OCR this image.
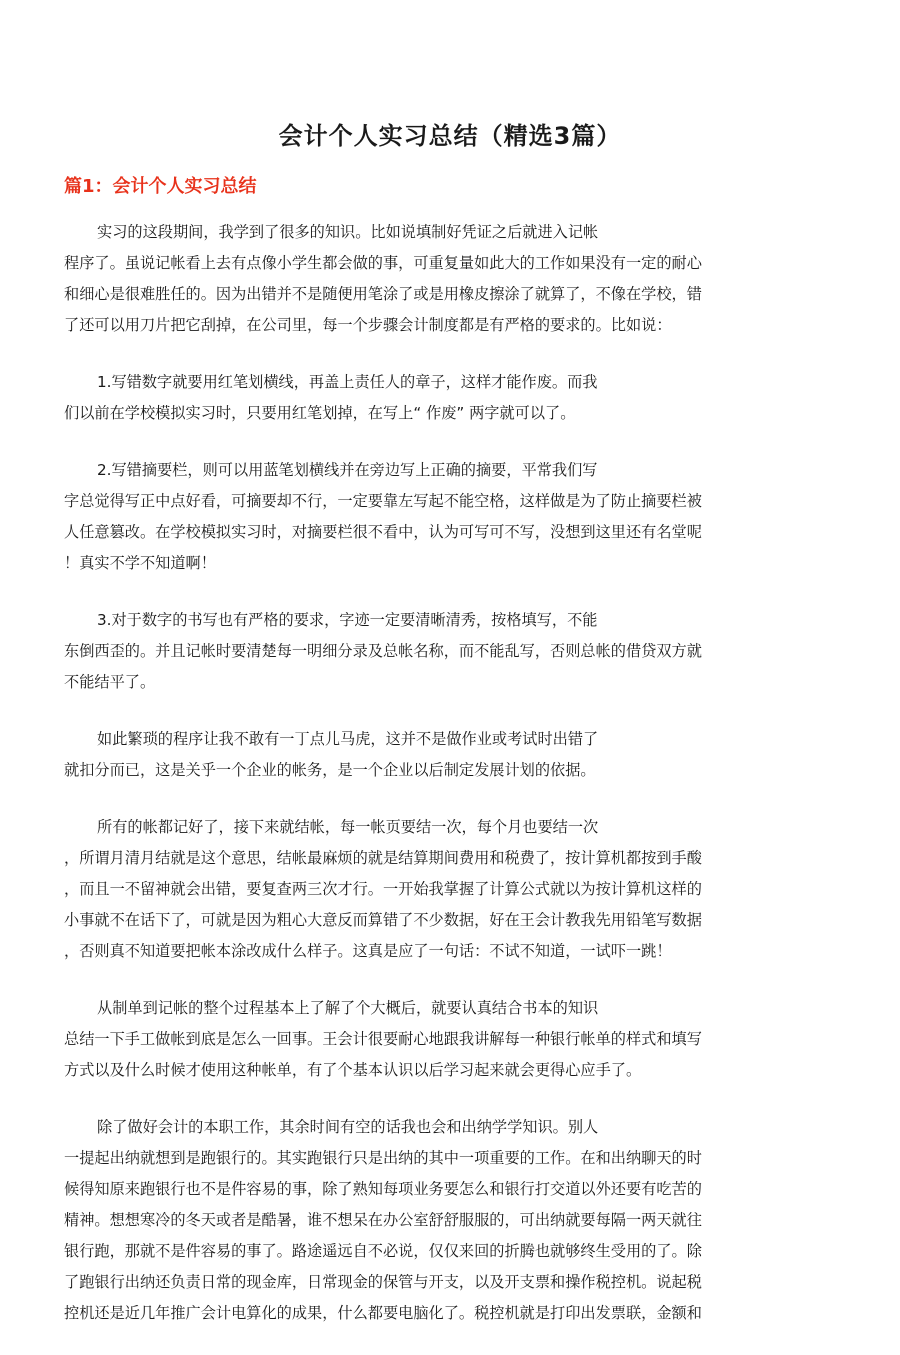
会计个人实习总结（精选3篇）
篇1：会计个人实习总结
实习的这段期间，我学到了很多的知识。比如说填制好凭证之后就进入记帐
程序了。虽说记帐看上去有点像小学生都会做的事，可重复量如此大的工作如果没有一定的耐心
和细心是很难胜任的。因为出错并不是随便用笔涂了或是用橡皮擦涂了就算了，不像在学校，错
了还可以用刀片把它刮掉，在公司里，每一个步骤会计制度都是有严格的要求的。比如说：
1.写错数字就要用红笔划横线，再盖上责任人的章子，这样才能作废。而我
们以前在学校模拟实习时，只要用红笔划掉，在写上“ 作废” 两字就可以了。
2.写错摘要栏，则可以用蓝笔划横线并在旁边写上正确的摘要，平常我们写
字总觉得写正中点好看，可摘要却不行，一定要靠左写起不能空格，这样做是为了防止摘要栏被
人任意篡改。在学校模拟实习时，对摘要栏很不看中，认为可写可不写，没想到这里还有名堂呢
！真实不学不知道啊！
3.对于数字的书写也有严格的要求，字迹一定要清晰清秀，按格填写，不能
东倒西歪的。并且记帐时要清楚每一明细分录及总帐名称，而不能乱写，否则总帐的借贷双方就
不能结平了。
如此繁琐的程序让我不敢有一丁点儿马虎，这并不是做作业或考试时出错了
就扣分而已，这是关乎一个企业的帐务，是一个企业以后制定发展计划的依据。
所有的帐都记好了，接下来就结帐，每一帐页要结一次，每个月也要结一次
，所谓月清月结就是这个意思，结帐最麻烦的就是结算期间费用和税费了，按计算机都按到手酸
，而且一不留神就会出错，要复查两三次才行。一开始我掌握了计算公式就以为按计算机这样的
小事就不在话下了，可就是因为粗心大意反而算错了不少数据，好在王会计教我先用铅笔写数据
，否则真不知道要把帐本涂改成什么样子。这真是应了一句话：不试不知道，一试吓一跳！
从制单到记帐的整个过程基本上了解了个大概后，就要认真结合书本的知识
总结一下手工做帐到底是怎么一回事。王会计很要耐心地跟我讲解每一种银行帐单的样式和填写
方式以及什么时候才使用这种帐单，有了个基本认识以后学习起来就会更得心应手了。
除了做好会计的本职工作，其余时间有空的话我也会和出纳学学知识。别人
一提起出纳就想到是跑银行的。其实跑银行只是出纳的其中一项重要的工作。在和出纳聊天的时
候得知原来跑银行也不是件容易的事，除了熟知每项业务要怎么和银行打交道以外还要有吃苦的
精神。想想寒冷的冬天或者是酷暑，谁不想呆在办公室舒舒服服的，可出纳就要每隔一两天就往
银行跑，那就不是件容易的事了。路途遥远自不必说，仅仅来回的折腾也就够终生受用的了。除
了跑银行出纳还负责日常的现金库，日常现金的保管与开支，以及开支票和操作税控机。说起税
控机还是近几年推广会计电算化的成果，什么都要电脑化了。税控机就是打印出发票联，金额和
